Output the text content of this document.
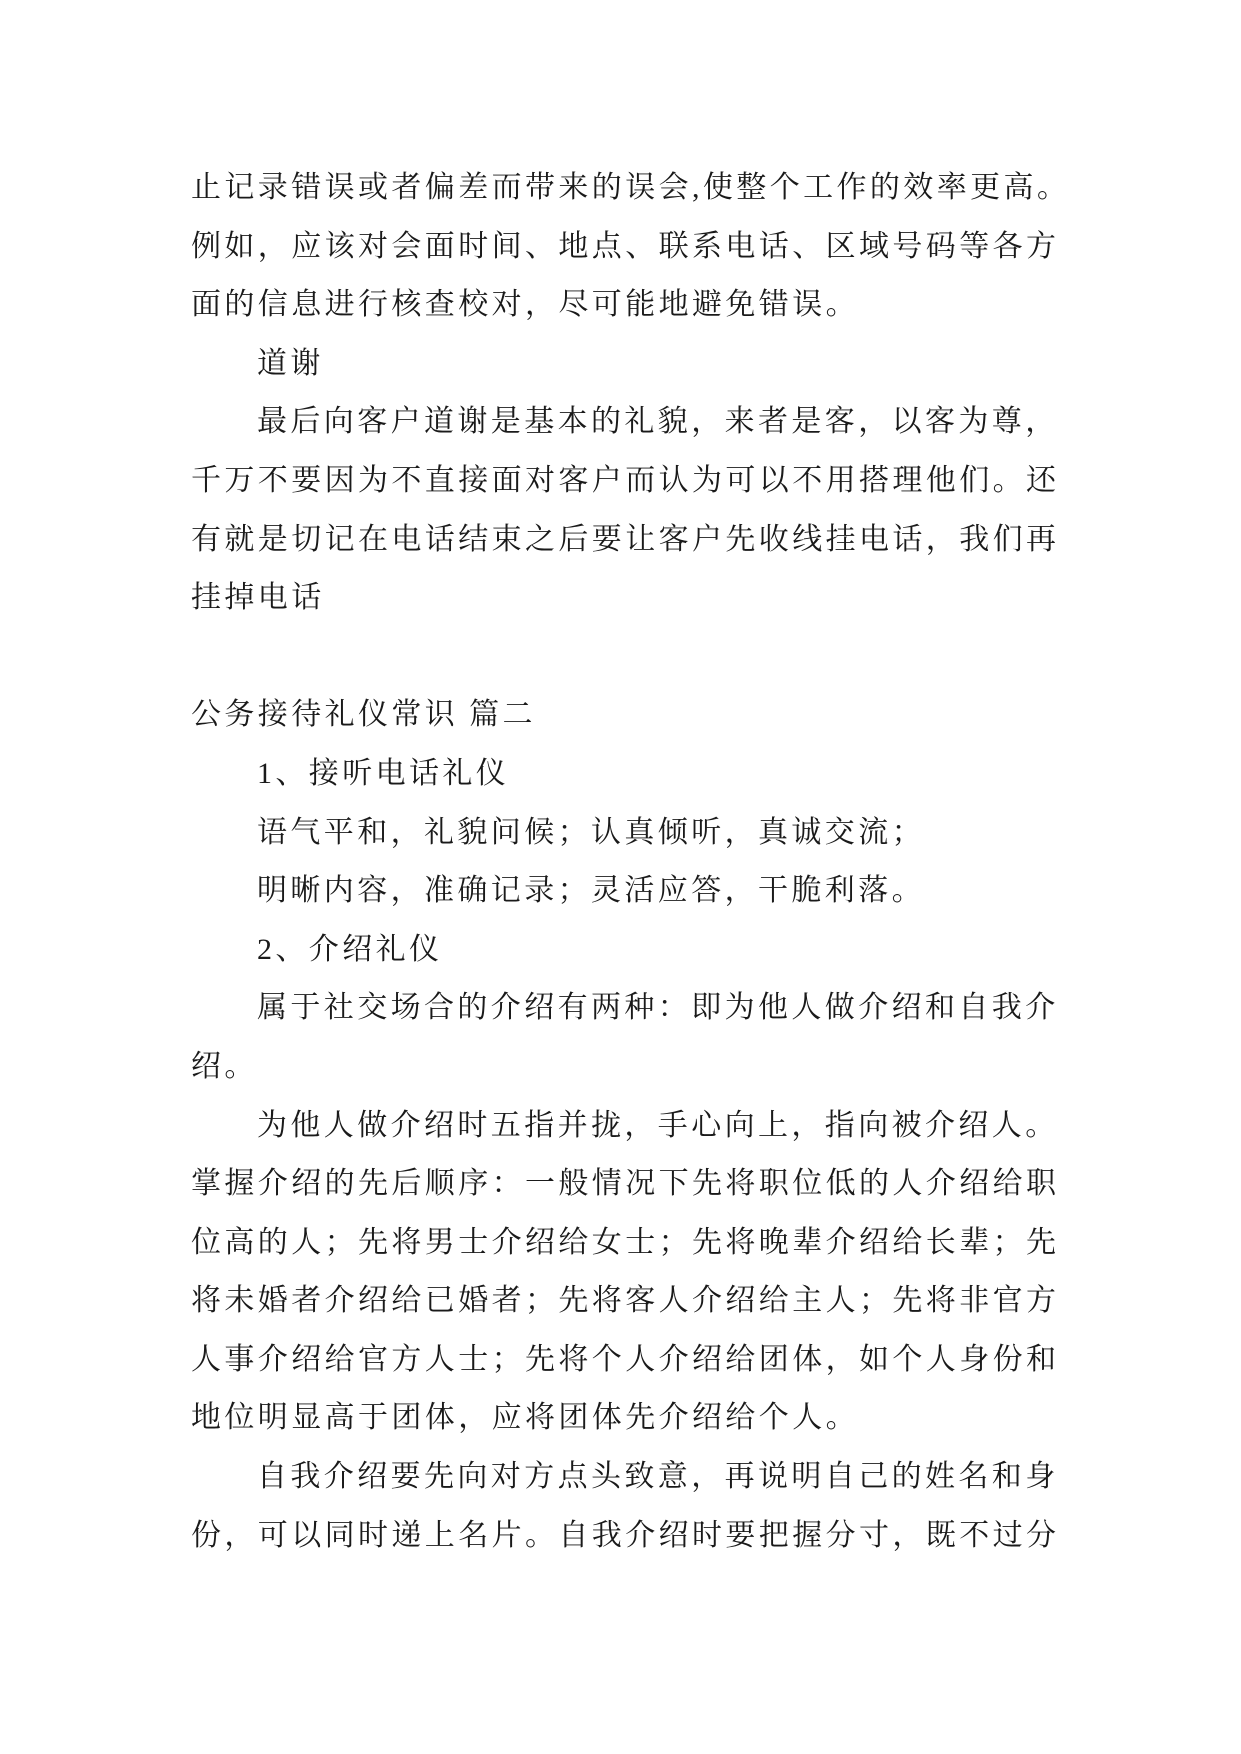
止记录错误或者偏差而带来的误会,使整个工作的效率更高。
例如，应该对会面时间、地点、联系电话、区域号码等各方
面的信息进行核查校对，尽可能地避免错误。
道谢
最后向客户道谢是基本的礼貌，来者是客，以客为尊，
千万不要因为不直接面对客户而认为可以不用搭理他们。还
有就是切记在电话结束之后要让客户先收线挂电话，我们再
挂掉电话
公务接待礼仪常识 篇二
1、接听电话礼仪
语气平和，礼貌问候；认真倾听，真诚交流；
明晰内容，准确记录；灵活应答，干脆利落。
2、介绍礼仪
属于社交场合的介绍有两种：即为他人做介绍和自我介
绍。
为他人做介绍时五指并拢，手心向上，指向被介绍人。
掌握介绍的先后顺序：一般情况下先将职位低的人介绍给职
位高的人；先将男士介绍给女士；先将晚辈介绍给长辈；先
将未婚者介绍给已婚者；先将客人介绍给主人；先将非官方
人事介绍给官方人士；先将个人介绍给团体，如个人身份和
地位明显高于团体，应将团体先介绍给个人。
自我介绍要先向对方点头致意，再说明自己的姓名和身
份，可以同时递上名片。自我介绍时要把握分寸，既不过分
